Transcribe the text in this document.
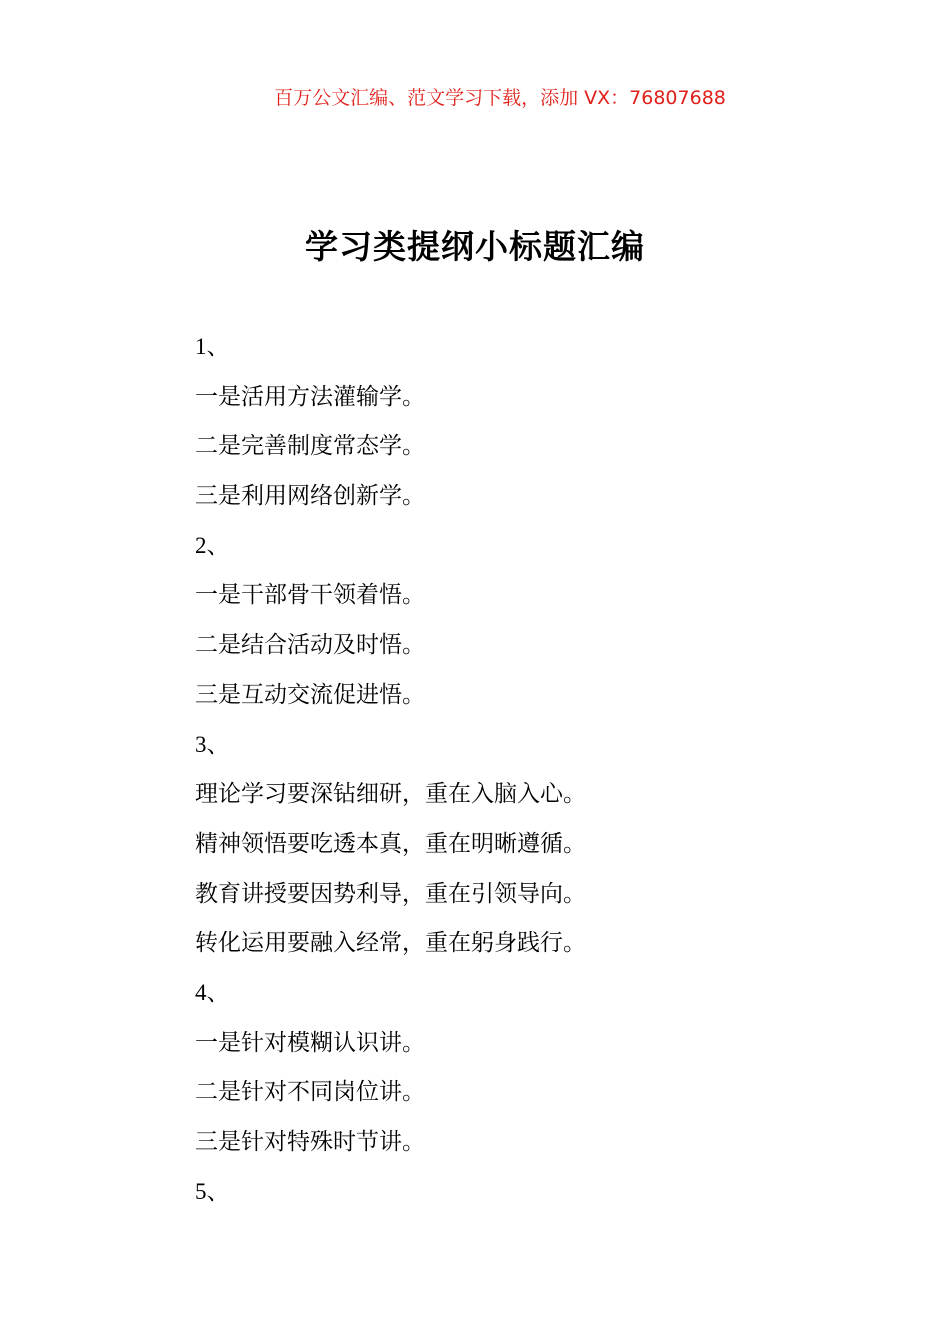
百万公文汇编、范文学习下载，添加 VX：76807688
学习类提纲小标题汇编
1、
一是活用方法灌输学。
二是完善制度常态学。
三是利用网络创新学。
2、
一是干部骨干领着悟。
二是结合活动及时悟。
三是互动交流促进悟。
3、
理论学习要深钻细研，重在入脑入心。
精神领悟要吃透本真，重在明晰遵循。
教育讲授要因势利导，重在引领导向。
转化运用要融入经常，重在躬身践行。
4、
一是针对模糊认识讲。
二是针对不同岗位讲。
三是针对特殊时节讲。
5、
